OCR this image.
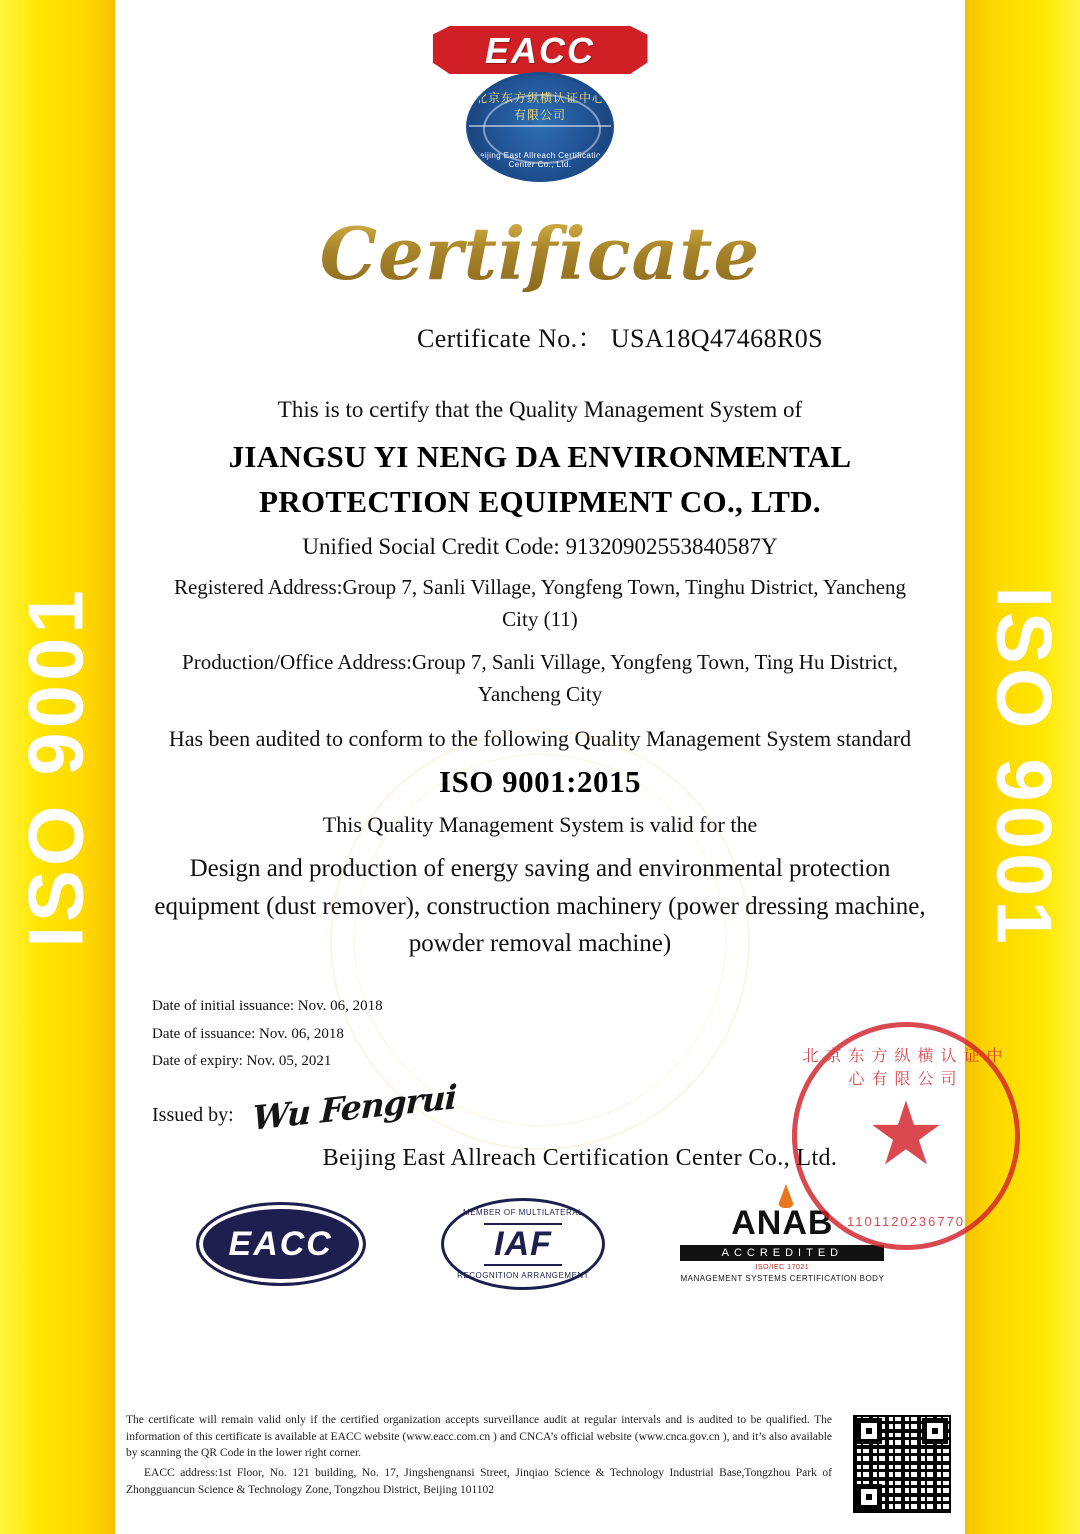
ISO 9001	ISO 9001
EACC
北京东方纵横认证中心有限公司
Beijing East Allreach Certification Center Co., Ltd.
Certificate
Certificate No.： USA18Q47468R0S
This is to certify that the Quality Management System of
JIANGSU YI NENG DA ENVIRONMENTAL PROTECTION EQUIPMENT CO., LTD.
Unified Social Credit Code: 91320902553840587Y
Registered Address:Group 7, Sanli Village, Yongfeng Town, Tinghu District, Yancheng City (11)
Production/Office Address:Group 7, Sanli Village, Yongfeng Town, Ting Hu District, Yancheng City
Has been audited to conform to the following Quality Management System standard
ISO 9001:2015
This Quality Management System is valid for the
Design and production of energy saving and environmental protection equipment (dust remover), construction machinery (power dressing machine, powder removal machine)
Date of initial issuance: Nov. 06, 2018
Date of issuance: Nov. 06, 2018
Date of expiry: Nov. 05, 2021
Issued by: Wu Fengrui
Beijing East Allreach Certification Center Co., Ltd.
EACC
MEMBER OF MULTILATERAL
IAF
RECOGNITION ARRANGEMENT
ANAB
ACCREDITED
ISO/IEC 17021
MANAGEMENT SYSTEMS CERTIFICATION BODY
北京东方纵横认证中心有限公司
★
1101120236770

The certificate will remain valid only if the certified organization accepts surveillance audit at regular intervals and is audited to be qualified. The information of this certificate is available at EACC website (www.eacc.com.cn ) and CNCA’s official website (www.cnca.gov.cn ), and it’s also available by scanning the QR Code in the lower right corner.

EACC address:1st Floor, No. 121 building, No. 17, Jingshengnansi Street, Jinqiao Science & Technology Industrial Base,Tongzhou Park of Zhongguancun Science & Technology Zone, Tongzhou District, Beijing 101102
